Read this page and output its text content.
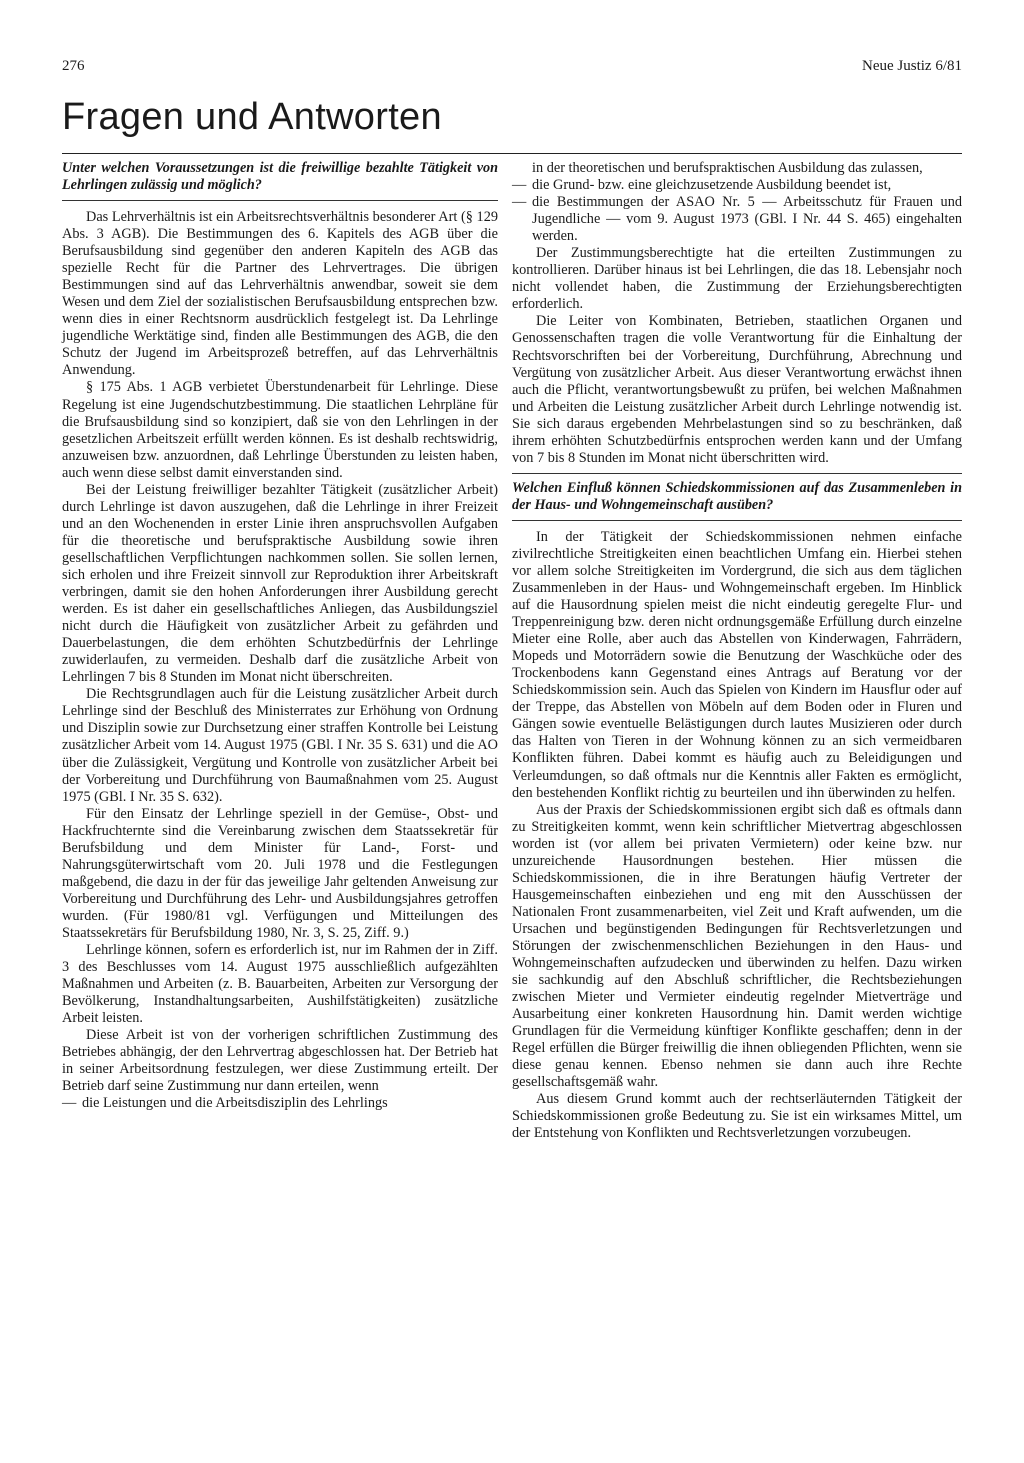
276	Neue Justiz 6/81
Fragen und Antworten

Unter welchen Voraussetzungen ist die freiwillige bezahlte Tätigkeit von Lehrlingen zulässig und möglich?

Das Lehrverhältnis ist ein Arbeitsrechtsverhältnis besonderer Art (§ 129 Abs. 3 AGB). Die Bestimmungen des 6. Kapitels des AGB über die Berufsausbildung sind gegenüber den anderen Kapiteln des AGB das spezielle Recht für die Partner des Lehrvertrages. Die übrigen Bestimmungen sind auf das Lehrverhältnis anwendbar, soweit sie dem Wesen und dem Ziel der sozialistischen Berufsausbildung entsprechen bzw. wenn dies in einer Rechtsnorm ausdrücklich festgelegt ist. Da Lehrlinge jugendliche Werktätige sind, finden alle Bestimmungen des AGB, die den Schutz der Jugend im Arbeitsprozeß betreffen, auf das Lehrverhältnis Anwendung.

§ 175 Abs. 1 AGB verbietet Überstundenarbeit für Lehrlinge. Diese Regelung ist eine Jugendschutzbestimmung. Die staatlichen Lehrpläne für die Brufsausbildung sind so konzipiert, daß sie von den Lehrlingen in der gesetzlichen Arbeitszeit erfüllt werden können. Es ist deshalb rechtswidrig, anzuweisen bzw. anzuordnen, daß Lehrlinge Überstunden zu leisten haben, auch wenn diese selbst damit einverstanden sind.

Bei der Leistung freiwilliger bezahlter Tätigkeit (zusätzlicher Arbeit) durch Lehrlinge ist davon auszugehen, daß die Lehrlinge in ihrer Freizeit und an den Wochenenden in erster Linie ihren anspruchsvollen Aufgaben für die theoretische und berufspraktische Ausbildung sowie ihren gesellschaftlichen Verpflichtungen nachkommen sollen. Sie sollen lernen, sich erholen und ihre Freizeit sinnvoll zur Reproduktion ihrer Arbeitskraft verbringen, damit sie den hohen Anforderungen ihrer Ausbildung gerecht werden. Es ist daher ein gesellschaftliches Anliegen, das Ausbildungsziel nicht durch die Häufigkeit von zusätzlicher Arbeit zu gefährden und Dauerbelastungen, die dem erhöhten Schutzbedürfnis der Lehrlinge zuwiderlaufen, zu vermeiden. Deshalb darf die zusätzliche Arbeit von Lehrlingen 7 bis 8 Stunden im Monat nicht überschreiten.

Die Rechtsgrundlagen auch für die Leistung zusätzlicher Arbeit durch Lehrlinge sind der Beschluß des Ministerrates zur Erhöhung von Ordnung und Disziplin sowie zur Durchsetzung einer straffen Kontrolle bei Leistung zusätzlicher Arbeit vom 14. August 1975 (GBl. I Nr. 35 S. 631) und die AO über die Zulässigkeit, Vergütung und Kontrolle von zusätzlicher Arbeit bei der Vorbereitung und Durchführung von Baumaßnahmen vom 25. August 1975 (GBl. I Nr. 35 S. 632).

Für den Einsatz der Lehrlinge speziell in der Gemüse-, Obst- und Hackfruchternte sind die Vereinbarung zwischen dem Staatssekretär für Berufsbildung und dem Minister für Land-, Forst- und Nahrungsgüterwirtschaft vom 20. Juli 1978 und die Festlegungen maßgebend, die dazu in der für das jeweilige Jahr geltenden Anweisung zur Vorbereitung und Durchführung des Lehr- und Ausbildungsjahres getroffen wurden. (Für 1980/81 vgl. Verfügungen und Mitteilungen des Staatssekretärs für Berufsbildung 1980, Nr. 3, S. 25, Ziff. 9.)

Lehrlinge können, sofern es erforderlich ist, nur im Rahmen der in Ziff. 3 des Beschlusses vom 14. August 1975 ausschließlich aufgezählten Maßnahmen und Arbeiten (z. B. Bauarbeiten, Arbeiten zur Versorgung der Bevölkerung, Instandhaltungsarbeiten, Aushilfstätigkeiten) zusätzliche Arbeit leisten.

Diese Arbeit ist von der vorherigen schriftlichen Zustimmung des Betriebes abhängig, der den Lehrvertrag abgeschlossen hat. Der Betrieb hat in seiner Arbeitsordnung festzulegen, wer diese Zustimmung erteilt. Der Betrieb darf seine Zustimmung nur dann erteilen, wenn

— die Leistungen und die Arbeitsdisziplin des Lehrlings
in der theoretischen und berufspraktischen Ausbildung das zulassen,
— die Grund- bzw. eine gleichzusetzende Ausbildung beendet ist,
— die Bestimmungen der ASAO Nr. 5 — Arbeitsschutz für Frauen und Jugendliche — vom 9. August 1973 (GBl. I Nr. 44 S. 465) eingehalten werden.

Der Zustimmungsberechtigte hat die erteilten Zustimmungen zu kontrollieren. Darüber hinaus ist bei Lehrlingen, die das 18. Lebensjahr noch nicht vollendet haben, die Zustimmung der Erziehungsberechtigten erforderlich.

Die Leiter von Kombinaten, Betrieben, staatlichen Organen und Genossenschaften tragen die volle Verantwortung für die Einhaltung der Rechtsvorschriften bei der Vorbereitung, Durchführung, Abrechnung und Vergütung von zusätzlicher Arbeit. Aus dieser Verantwortung erwächst ihnen auch die Pflicht, verantwortungsbewußt zu prüfen, bei welchen Maßnahmen und Arbeiten die Leistung zusätzlicher Arbeit durch Lehrlinge notwendig ist. Sie sich daraus ergebenden Mehrbelastungen sind so zu beschränken, daß ihrem erhöhten Schutzbedürfnis entsprochen werden kann und der Umfang von 7 bis 8 Stunden im Monat nicht überschritten wird.

Welchen Einfluß können Schiedskommissionen auf das Zusammenleben in der Haus- und Wohngemeinschaft ausüben?

In der Tätigkeit der Schiedskommissionen nehmen einfache zivilrechtliche Streitigkeiten einen beachtlichen Umfang ein. Hierbei stehen vor allem solche Streitigkeiten im Vordergrund, die sich aus dem täglichen Zusammenleben in der Haus- und Wohngemeinschaft ergeben. Im Hinblick auf die Hausordnung spielen meist die nicht eindeutig geregelte Flur- und Treppenreinigung bzw. deren nicht ordnungsgemäße Erfüllung durch einzelne Mieter eine Rolle, aber auch das Abstellen von Kinderwagen, Fahrrädern, Mopeds und Motorrädern sowie die Benutzung der Waschküche oder des Trockenbodens kann Gegenstand eines Antrags auf Beratung vor der Schiedskommission sein. Auch das Spielen von Kindern im Hausflur oder auf der Treppe, das Abstellen von Möbeln auf dem Boden oder in Fluren und Gängen sowie eventuelle Belästigungen durch lautes Musizieren oder durch das Halten von Tieren in der Wohnung können zu an sich vermeidbaren Konflikten führen. Dabei kommt es häufig auch zu Beleidigungen und Verleumdungen, so daß oftmals nur die Kenntnis aller Fakten es ermöglicht, den bestehenden Konflikt richtig zu beurteilen und ihn überwinden zu helfen.

Aus der Praxis der Schiedskommissionen ergibt sich daß es oftmals dann zu Streitigkeiten kommt, wenn kein schriftlicher Mietvertrag abgeschlossen worden ist (vor allem bei privaten Vermietern) oder keine bzw. nur unzureichende Hausordnungen bestehen. Hier müssen die Schiedskommissionen, die in ihre Beratungen häufig Vertreter der Hausgemeinschaften einbeziehen und eng mit den Ausschüssen der Nationalen Front zusammenarbeiten, viel Zeit und Kraft aufwenden, um die Ursachen und begünstigenden Bedingungen für Rechtsverletzungen und Störungen der zwischenmenschlichen Beziehungen in den Haus- und Wohngemeinschaften aufzudecken und überwinden zu helfen. Dazu wirken sie sachkundig auf den Abschluß schriftlicher, die Rechtsbeziehungen zwischen Mieter und Vermieter eindeutig regelnder Mietverträge und Ausarbeitung einer konkreten Hausordnung hin. Damit werden wichtige Grundlagen für die Vermeidung künftiger Konflikte geschaffen; denn in der Regel erfüllen die Bürger freiwillig die ihnen obliegenden Pflichten, wenn sie diese genau kennen. Ebenso nehmen sie dann auch ihre Rechte gesellschaftsgemäß wahr.

Aus diesem Grund kommt auch der rechtserläuternden Tätigkeit der Schiedskommissionen große Bedeutung zu. Sie ist ein wirksames Mittel, um der Entstehung von Konflikten und Rechtsverletzungen vorzubeugen.
